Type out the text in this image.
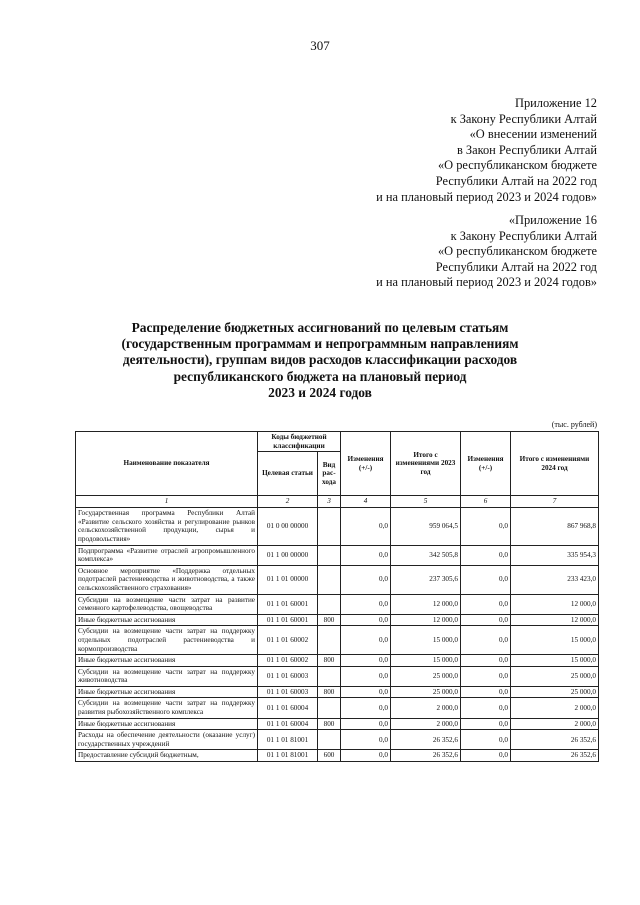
307
Приложение 12
к Закону Республики Алтай
«О внесении изменений
в Закон Республики Алтай
«О республиканском бюджете
Республики Алтай на 2022 год
и на плановый период 2023 и 2024 годов»
«Приложение 16
к Закону Республики Алтай
«О республиканском бюджете
Республики Алтай на 2022 год
и на плановый период 2023 и 2024 годов»
Распределение бюджетных ассигнований по целевым статьям
(государственным программам и непрограммным направлениям
деятельности), группам видов расходов классификации расходов
республиканского бюджета на плановый период
2023 и 2024 годов
(тыс. рублей)
Наименование показателя	Коды бюджетной классификации		Изменения (+/-)	Итого с изменениями 2023 год	Изменения (+/-)	Итого с изменениями 2024 год
	Целевая статьи	Вид рас-хода				
1	2	3	4	5	6	7
Государственная программа Республики Алтай «Развитие сельского хозяйства и регулирование рынков сельскохозяйственной продукции, сырья и продовольствия»	01 0 00 00000		0,0	959 064,5	0,0	867 968,8
Подпрограмма «Развитие отраслей агропромышленного комплекса»	01 1 00 00000		0,0	342 505,8	0,0	335 954,3
Основное мероприятие «Поддержка отдельных подотраслей растениеводства и животноводства, а также сельскохозяйственного страхования»	01 1 01 00000		0,0	237 305,6	0,0	233 423,0
Субсидии на возмещение части затрат на развитие семенного картофелеводства, овощеводства	01 1 01 60001		0,0	12 000,0	0,0	12 000,0
Иные бюджетные ассигнования	01 1 01 60001	800	0,0	12 000,0	0,0	12 000,0
Субсидии на возмещение части затрат на поддержку отдельных подотраслей растениеводства и кормопроизводства	01 1 01 60002		0,0	15 000,0	0,0	15 000,0
Иные бюджетные ассигнования	01 1 01 60002	800	0,0	15 000,0	0,0	15 000,0
Субсидии на возмещение части затрат на поддержку животноводства	01 1 01 60003		0,0	25 000,0	0,0	25 000,0
Иные бюджетные ассигнования	01 1 01 60003	800	0,0	25 000,0	0,0	25 000,0
Субсидии на возмещение части затрат на поддержку развития рыбохозяйственного комплекса	01 1 01 60004		0,0	2 000,0	0,0	2 000,0
Иные бюджетные ассигнования	01 1 01 60004	800	0,0	2 000,0	0,0	2 000,0
Расходы на обеспечение деятельности (оказание услуг) государственных учреждений	01 1 01 81001		0,0	26 352,6	0,0	26 352,6
Предоставление субсидий бюджетным,	01 1 01 81001	600	0,0	26 352,6	0,0	26 352,6
